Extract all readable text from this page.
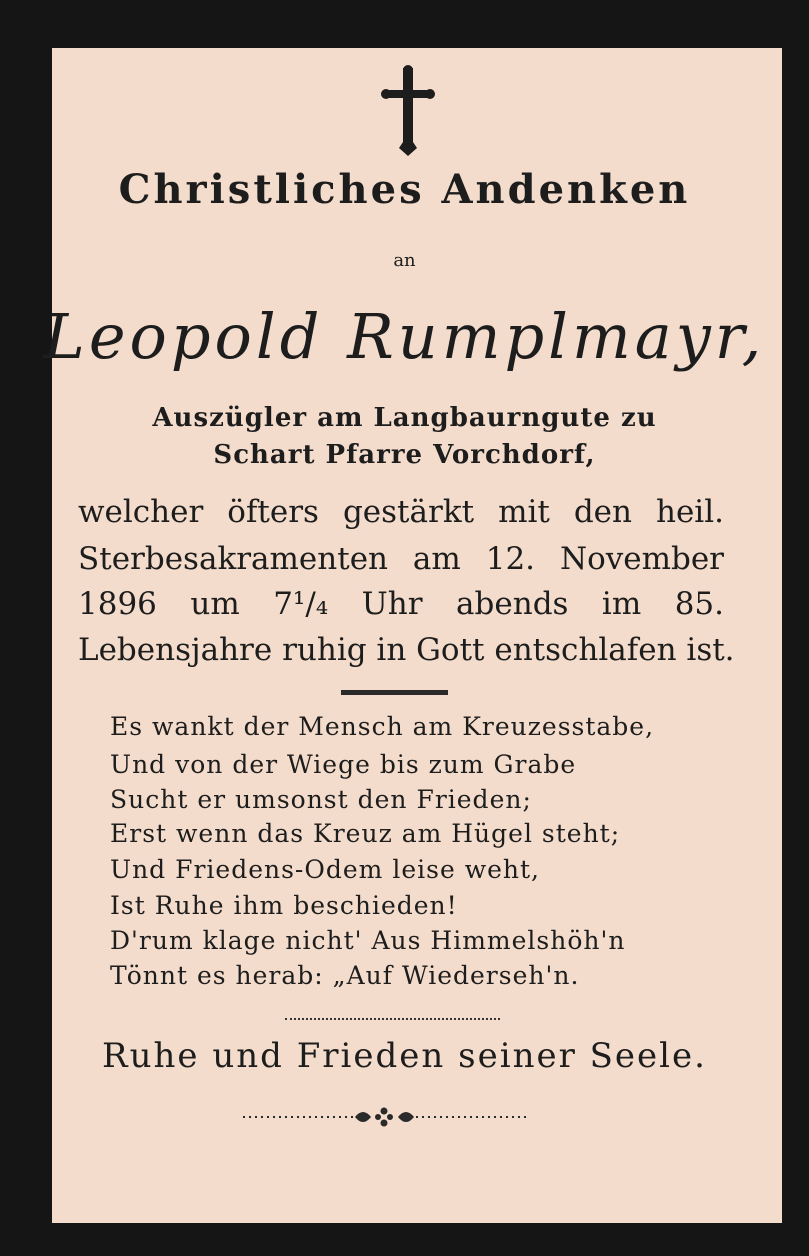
Christliches Andenken
an
Leopold Rumplmayr,
Auszügler am Langbaurngute zu
Schart Pfarre Vorchdorf,
welcher öfters gestärkt mit den heil.
Sterbesakramenten am 12. November
1896 um 7¹/₄ Uhr abends im 85.
Lebensjahre ruhig in Gott entschlafen ist.
Es wankt der Mensch am Kreuzesstabe,
Und von der Wiege bis zum Grabe
Sucht er umsonst den Frieden;
Erst wenn das Kreuz am Hügel steht;
Und Friedens-Odem leise weht,
Ist Ruhe ihm beschieden!
D'rum klage nicht' Aus Himmelshöh'n
Tönnt es herab: „Auf Wiederseh'n.
Ruhe und Frieden seiner Seele.
